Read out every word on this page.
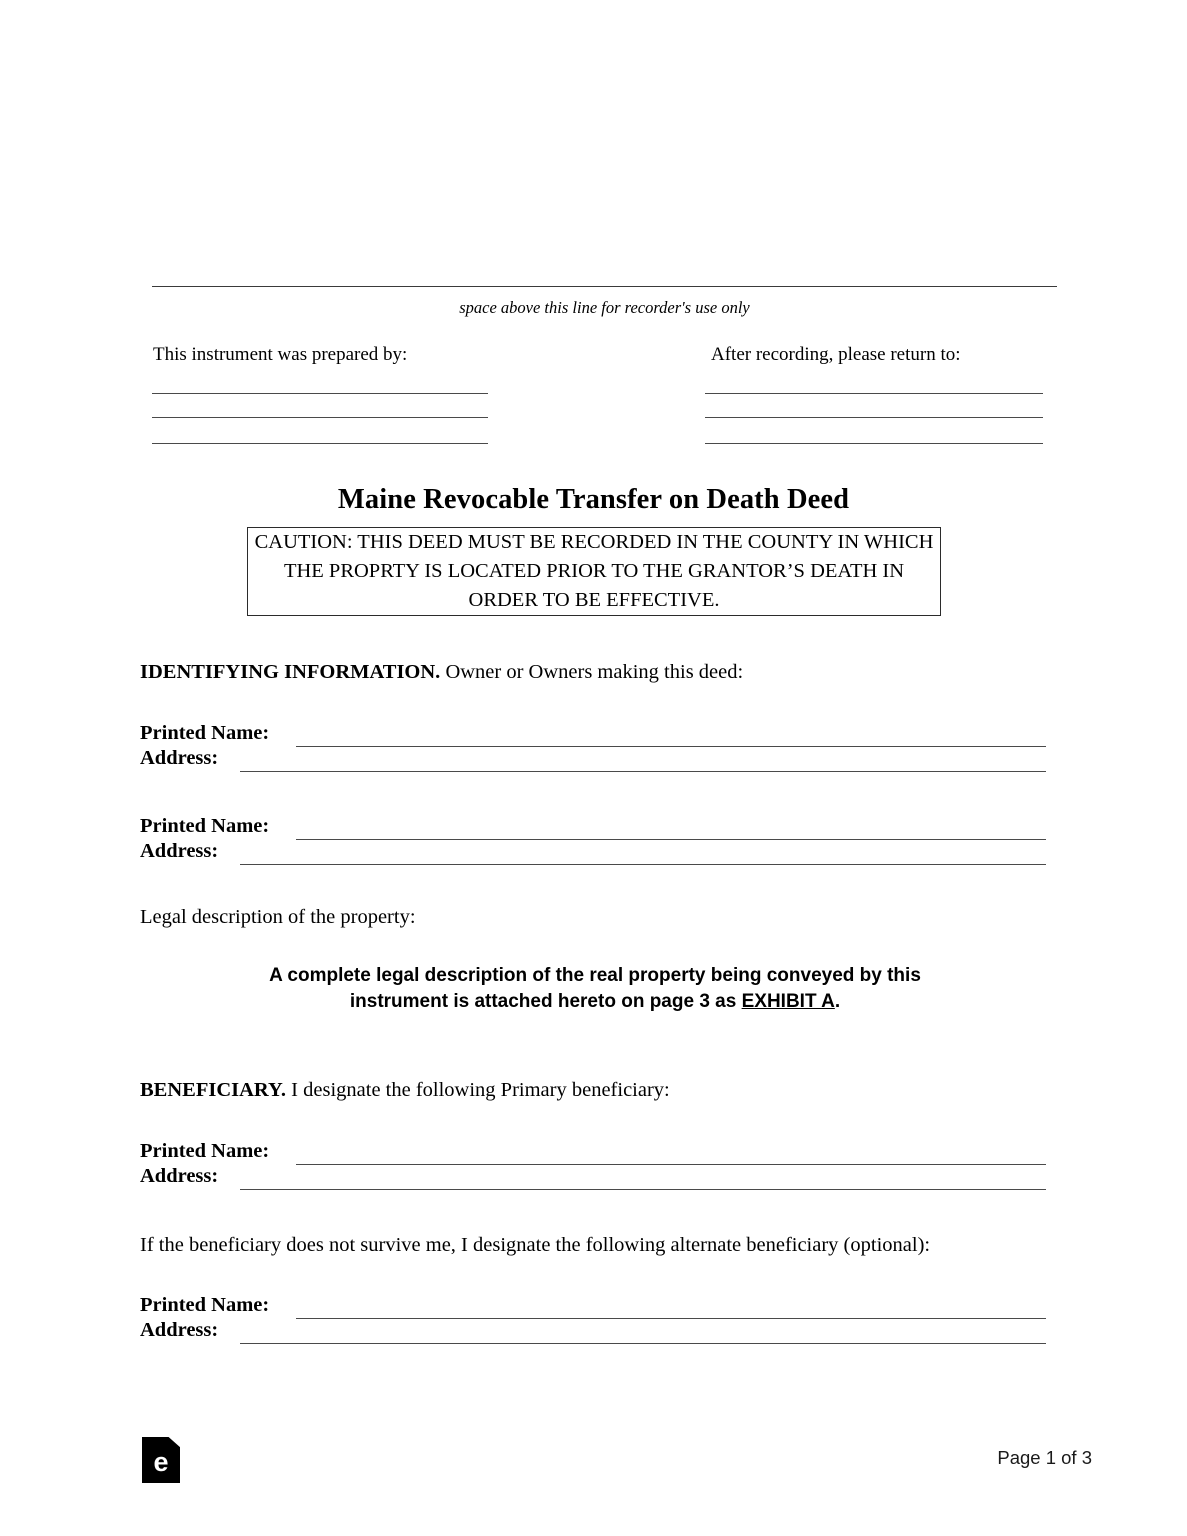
space above this line for recorder's use only
This instrument was prepared by:	After recording, please return to:
Maine Revocable Transfer on Death Deed
CAUTION: THIS DEED MUST BE RECORDED IN THE COUNTY IN WHICH THE PROPRTY IS LOCATED PRIOR TO THE GRANTOR’S DEATH IN ORDER TO BE EFFECTIVE.
IDENTIFYING INFORMATION. Owner or Owners making this deed:
Printed Name:
Address:
Printed Name:
Address:
Legal description of the property:
A complete legal description of the real property being conveyed by this
instrument is attached hereto on page 3 as EXHIBIT A.
BENEFICIARY. I designate the following Primary beneficiary:
Printed Name:
Address:
If the beneficiary does not survive me, I designate the following alternate beneficiary (optional):
Printed Name:
Address:
e	Page 1 of 3
